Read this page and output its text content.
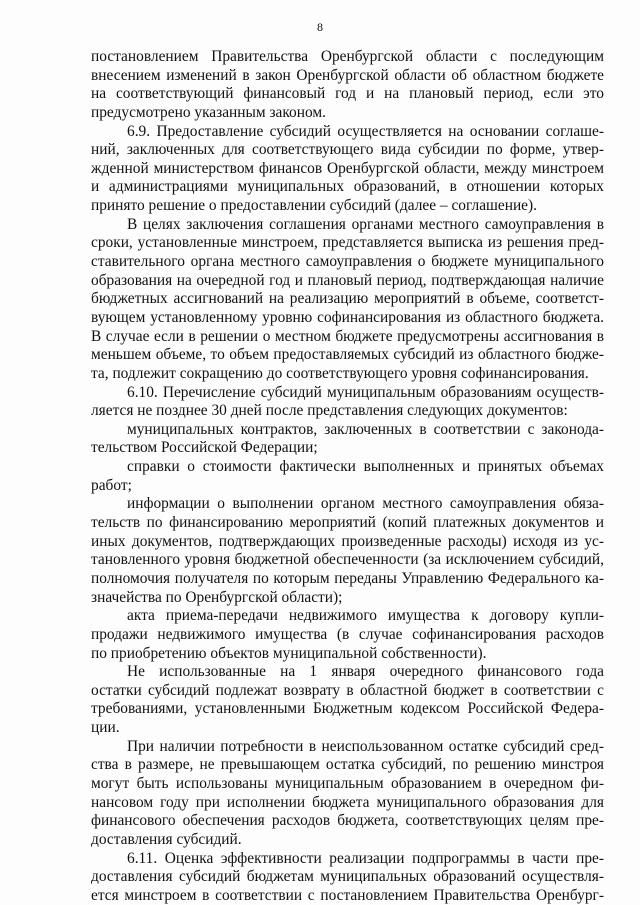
8
постановлением Правительства Оренбургской области с последующим
внесением изменений в закон Оренбургской области об областном бюджете
на соответствующий финансовый год и на плановый период, если это
предусмотрено указанным законом.
6.9. Предоставление субсидий осуществляется на основании соглаше-
ний, заключенных для соответствующего вида субсидии по форме, утвер-
жденной министерством финансов Оренбургской области, между минстроем
и администрациями муниципальных образований, в отношении которых
принято решение о предоставлении субсидий (далее – соглашение).
В целях заключения соглашения органами местного самоуправления в
сроки, установленные минстроем, представляется выписка из решения пред-
ставительного органа местного самоуправления о бюджете муниципального
образования на очередной год и плановый период, подтверждающая наличие
бюджетных ассигнований на реализацию мероприятий в объеме, соответст-
вующем установленному уровню софинансирования из областного бюджета.
В случае если в решении о местном бюджете предусмотрены ассигнования в
меньшем объеме, то объем предоставляемых субсидий из областного бюдже-
та, подлежит сокращению до соответствующего уровня софинансирования.
6.10. Перечисление субсидий муниципальным образованиям осуществ-
ляется не позднее 30 дней после представления следующих документов:
муниципальных контрактов, заключенных в соответствии с законода-
тельством Российской Федерации;
справки о стоимости фактически выполненных и принятых объемах
работ;
информации о выполнении органом местного самоуправления обяза-
тельств по финансированию мероприятий (копий платежных документов и
иных документов, подтверждающих произведенные расходы) исходя из ус-
тановленного уровня бюджетной обеспеченности (за исключением субсидий,
полномочия получателя по которым переданы Управлению Федерального ка-
значейства по Оренбургской области);
акта приема-передачи недвижимого имущества к договору купли-
продажи недвижимого имущества (в случае софинансирования расходов
по приобретению объектов муниципальной собственности).
Не использованные на 1 января очередного финансового года
остатки субсидий подлежат возврату в областной бюджет в соответствии с
требованиями, установленными Бюджетным кодексом Российской Федера-
ции.
При наличии потребности в неиспользованном остатке субсидий сред-
ства в размере, не превышающем остатка субсидий, по решению минстроя
могут быть использованы муниципальным образованием в очередном фи-
нансовом году при исполнении бюджета муниципального образования для
финансового обеспечения расходов бюджета, соответствующих целям пре-
доставления субсидий.
6.11. Оценка эффективности реализации подпрограммы в части пре-
доставления субсидий бюджетам муниципальных образований осуществля-
ется минстроем в соответствии с постановлением Правительства Оренбург-
